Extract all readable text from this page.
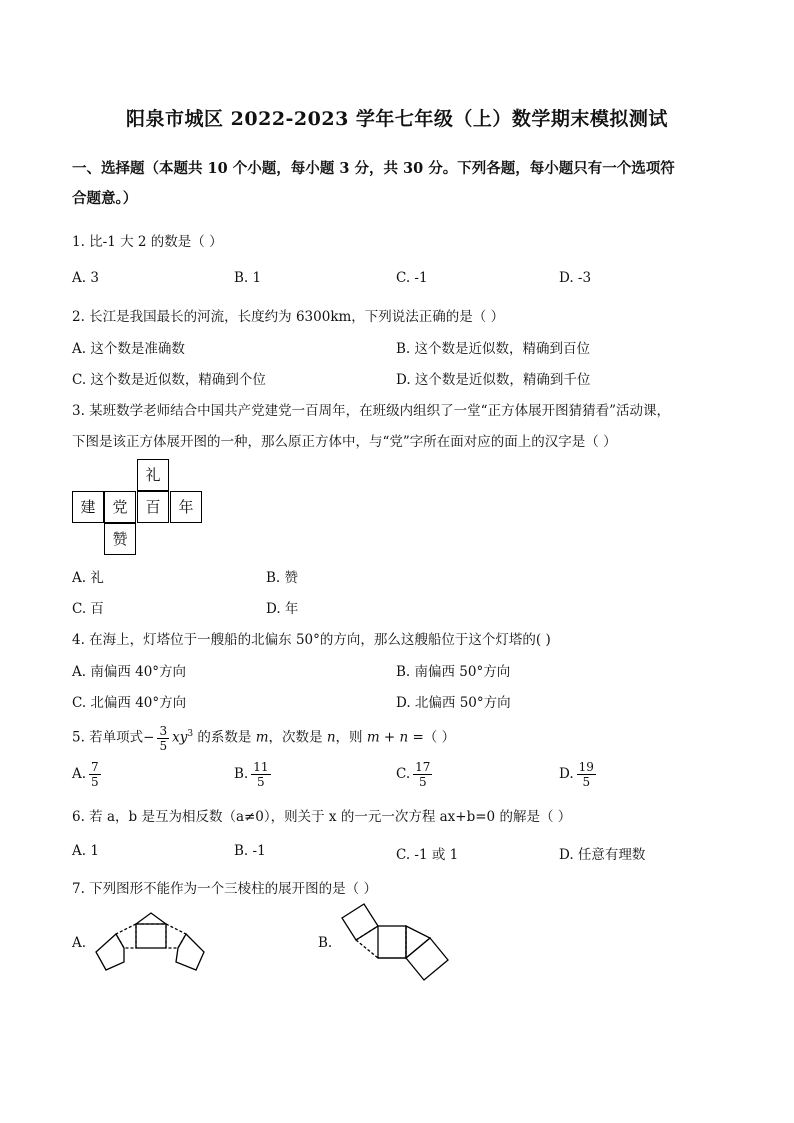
阳泉市城区 2022-2023 学年七年级（上）数学期末模拟测试
一、选择题（本题共 10 个小题，每小题 3 分，共 30 分。下列各题，每小题只有一个选项符
合题意。）
1. 比-1 大 2 的数是（ ）
A. 3	B. 1	C. -1	D. -3
2. 长江是我国最长的河流，长度约为 6300km，下列说法正确的是（ ）
A. 这个数是准确数	B. 这个数是近似数，精确到百位
C. 这个数是近似数，精确到个位	D. 这个数是近似数，精确到千位
3. 某班数学老师结合中国共产党建党一百周年，在班级内组织了一堂“正方体展开图猜猜看”活动课，
下图是该正方体展开图的一种，那么原正方体中，与“党”字所在面对应的面上的汉字是（ ）
礼
建	党	百	年
赞
A. 礼	B. 赞
C. 百	D. 年
4. 在海上，灯塔位于一艘船的北偏东 50°的方向，那么这艘船位于这个灯塔的( )
A. 南偏西 40°方向	B. 南偏西 50°方向
C. 北偏西 40°方向	D. 北偏西 50°方向
5. 若单项式− $\frac{3}{5} xy^3$ 的系数是 m，次数是 n，则 m + n =（ ）
A. $\frac{7}{5}$	B. $\frac{11}{5}$	C. $\frac{17}{5}$	D. $\frac{19}{5}$
6. 若 a，b 是互为相反数（a≠0），则关于 x 的一元一次方程 ax+b=0 的解是（ ）
A. 1	B. -1	C. -1 或 1	D. 任意有理数
7. 下列图形不能作为一个三棱柱的展开图的是（ ）
A.	B.
